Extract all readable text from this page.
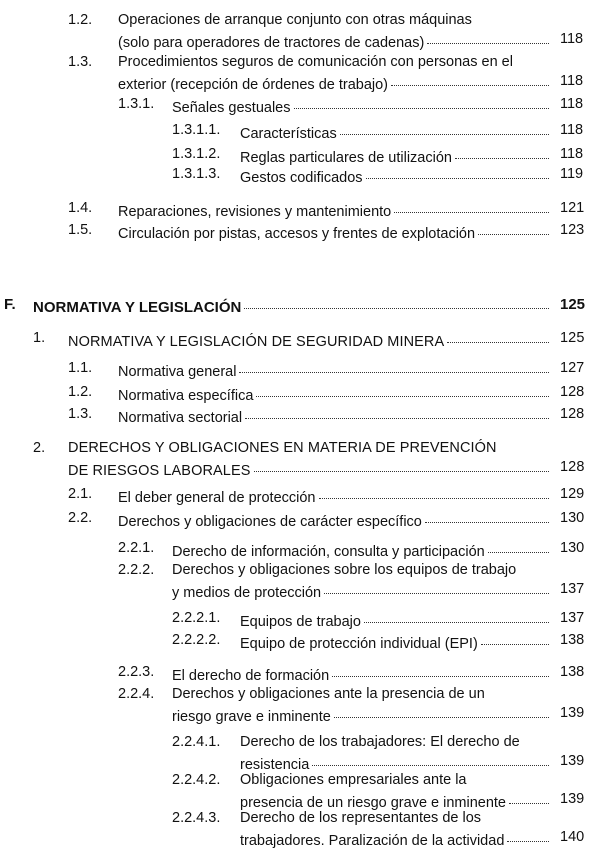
1.2. Operaciones de arranque conjunto con otras máquinas
(solo para operadores de tractores de cadenas)	118
1.3. Procedimientos seguros de comunicación con personas en el
exterior (recepción de órdenes de trabajo)	118
1.3.1. Señales gestuales	118
1.3.1.1. Características	118
1.3.1.2. Reglas particulares de utilización	118
1.3.1.3. Gestos codificados	119
1.4. Reparaciones, revisiones y mantenimiento	121
1.5. Circulación por pistas, accesos y frentes de explotación	123
F. NORMATIVA Y LEGISLACIÓN	125
1. NORMATIVA Y LEGISLACIÓN DE SEGURIDAD MINERA	125
1.1. Normativa general	127
1.2. Normativa específica	128
1.3. Normativa sectorial	128
2. DERECHOS Y OBLIGACIONES EN MATERIA DE PREVENCIÓN
DE RIESGOS LABORALES	128
2.1. El deber general de protección	129
2.2. Derechos y obligaciones de carácter específico	130
2.2.1. Derecho de información, consulta y participación	130
2.2.2. Derechos y obligaciones sobre los equipos de trabajo
y medios de protección	137
2.2.2.1. Equipos de trabajo	137
2.2.2.2. Equipo de protección individual (EPI)	138
2.2.3. El derecho de formación	138
2.2.4. Derechos y obligaciones ante la presencia de un
riesgo grave e inminente	139
2.2.4.1. Derecho de los trabajadores: El derecho de
resistencia	139
2.2.4.2. Obligaciones empresariales ante la
presencia de un riesgo grave e inminente	139
2.2.4.3. Derecho de los representantes de los
trabajadores. Paralización de la actividad	140
